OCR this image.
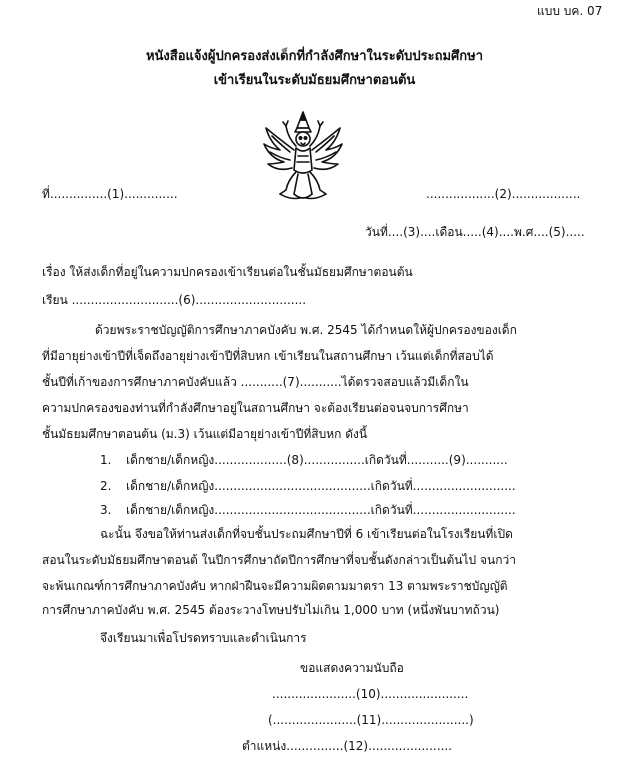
แบบ บค. 07
หนังสือแจ้งผู้ปกครองส่งเด็กที่กำลังศึกษาในระดับประถมศึกษา
เข้าเรียนในระดับมัธยมศึกษาตอนต้น
ที่...............(1)..............	..................(2)..................
วันที่....(3)....เดือน.....(4)....พ.ศ....(5).....
เรื่อง ให้ส่งเด็กที่อยู่ในความปกครองเข้าเรียนต่อในชั้นมัธยมศึกษาตอนต้น
เรียน ............................(6).............................
ด้วยพระราชบัญญัติการศึกษาภาคบังคับ พ.ศ. 2545 ได้กำหนดให้ผู้ปกครองของเด็ก
ที่มีอายุย่างเข้าปีที่เจ็ดถึงอายุย่างเข้าปีที่สิบหก เข้าเรียนในสถานศึกษา เว้นแต่เด็กที่สอบได้
ชั้นปีที่เก้าของการศึกษาภาคบังคับแล้ว ...........(7)...........ได้ตรวจสอบแล้วมีเด็กใน
ความปกครองของท่านที่กำลังศึกษาอยู่ในสถานศึกษา จะต้องเรียนต่อจนจบการศึกษา
ชั้นมัธยมศึกษาตอนต้น (ม.3) เว้นแต่มีอายุย่างเข้าปีที่สิบหก ดังนี้
1. เด็กชาย/เด็กหญิง...................(8)................เกิดวันที่...........(9)...........
2. เด็กชาย/เด็กหญิง.........................................เกิดวันที่...........................
3. เด็กชาย/เด็กหญิง.........................................เกิดวันที่...........................
ฉะนั้น จึงขอให้ท่านส่งเด็กที่จบชั้นประถมศึกษาปีที่ 6 เข้าเรียนต่อในโรงเรียนที่เปิด
สอนในระดับมัธยมศึกษาตอนต้ ในปีการศึกษาถัดปีการศึกษาที่จบชั้นดังกล่าวเป็นต้นไป จนกว่า
จะพ้นเกณฑ์การศึกษาภาคบังคับ หากฝ่าฝืนจะมีความผิดตามมาตรา 13 ตามพระราชบัญญัติ
การศึกษาภาคบังคับ พ.ศ. 2545 ต้องระวางโทษปรับไม่เกิน 1,000 บาท (หนึ่งพันบาทถ้วน)
จึงเรียนมาเพื่อโปรดทราบและดำเนินการ
ขอแสดงความนับถือ
......................(10).......................
(......................(11).......................)
ตำแหน่ง...............(12)......................
